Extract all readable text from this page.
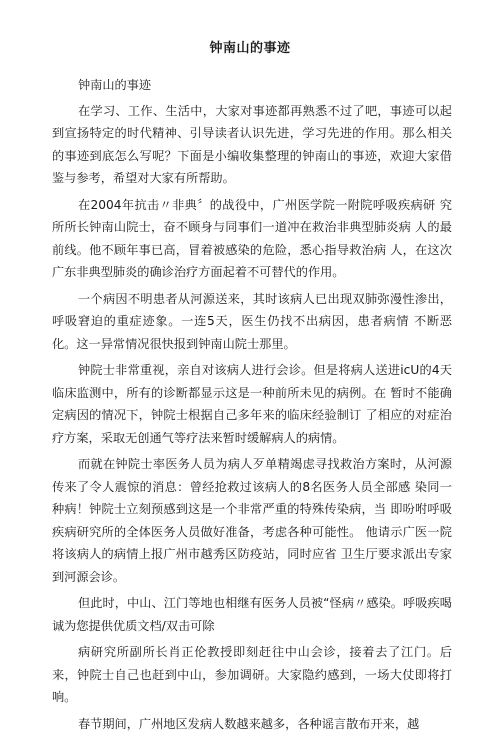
钟南山的事迹

钟南山的事迹

在学习、工作、生活中，大家对事迹都再熟悉不过了吧，事迹可以起到宣扬特定的时代精神、引导读者认识先进，学习先进的作用。那么相关的事迹到底怎么写呢？下面是小编收集整理的钟南山的事迹，欢迎大家借鉴与参考，希望对大家有所帮助。

在2004年抗击〃非典〞的战役中，广州医学院一附院呼吸疾病研 究所所长钟南山院士，奋不顾身与同事们一道冲在救治非典型肺炎病 人的最前线。他不顾年事已高，冒着被感染的危险，悉心指导救治病 人，在这次广东非典型肺炎的确诊治疗方面起着不可替代的作用。

一个病因不明患者从河源送来，其时该病人已出现双肺弥漫性渗出，呼吸窘迫的重症迹象。一连5天，医生仍找不出病因，患者病情 不断恶化。这一异常情况很快报到钟南山院士那里。

钟院士非常重视，亲自对该病人进行会诊。但是将病人送进icU的4天临床监测中，所有的诊断都显示这是一种前所未见的病例。在 暂时不能确定病因的情况下，钟院士根据自己多年来的临床经验制订 了相应的对症治疗方案，采取无创通气等疗法来暂时缓解病人的病情。

而就在钟院士率医务人员为病人歹单精竭虑寻找救治方案时，从河源传来了令人震惊的消息：曾经抢救过该病人的8名医务人员全部感 染同一种病！钟院士立刻预感到这是一个非常严重的特殊传染病，当 即吩咐呼吸疾病研究所的全体医务人员做好准备，考虑各种可能性。 他请示广医一院将该病人的病情上报广州市越秀区防疫站，同时应省 卫生厅要求派出专家到河源会诊。

但此时，中山、江门等地也相继有医务人员被“怪病〃感染。呼吸疾喝诚为您提供优质文档/双击可除

病研究所副所长肖正伦教授即刻赶往中山会诊，接着去了江门。后来，钟院士自己也赶到中山，参加调研。大家隐约感到，一场大仗即将打响。

春节期间，广州地区发病人数越来越多，各种谣言散布开来，越
